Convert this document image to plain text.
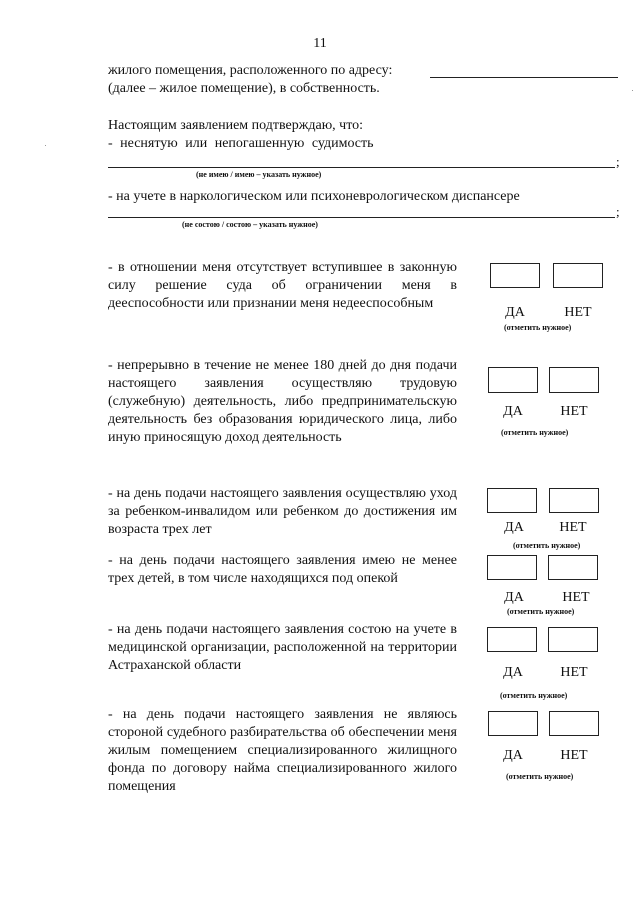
11
жилого помещения, расположенного по адресу:
(далее – жилое помещение), в собственность.
Настоящим заявлением подтверждаю, что:
- неснятую или непогашенную судимость
;
(не имею / имею – указать нужное)
- на учете в наркологическом или психоневрологическом диспансере
;
(не состою / состою – указать нужное)
- в отношении меня отсутствует вступившее в законную силу решение суда об ограничении меня в дееспособности или признании меня недееспособным
ДА	НЕТ
(отметить нужное)
- непрерывно в течение не менее 180 дней до дня подачи настоящего заявления осуществляю трудовую (служебную) деятельность, либо предпринимательскую деятельность без образования юридического лица, либо иную приносящую доход деятельность
ДА	НЕТ
(отметить нужное)
- на день подачи настоящего заявления осуществляю уход за ребенком-инвалидом или ребенком до достижения им возраста трех лет	ДА	НЕТ
(отметить нужное)
- на день подачи настоящего заявления имею не менее трех детей, в том числе находящихся под опекой
ДА	НЕТ
(отметить нужное)
- на день подачи настоящего заявления состою на учете в медицинской организации, расположенной на территории Астраханской области	ДА	НЕТ
(отметить нужное)
- на день подачи настоящего заявления не являюсь стороной судебного разбирательства об обеспечении меня жилым помещением специализированного жилищного фонда по договору найма специализированного жилого помещения
ДА	НЕТ
(отметить нужное)
